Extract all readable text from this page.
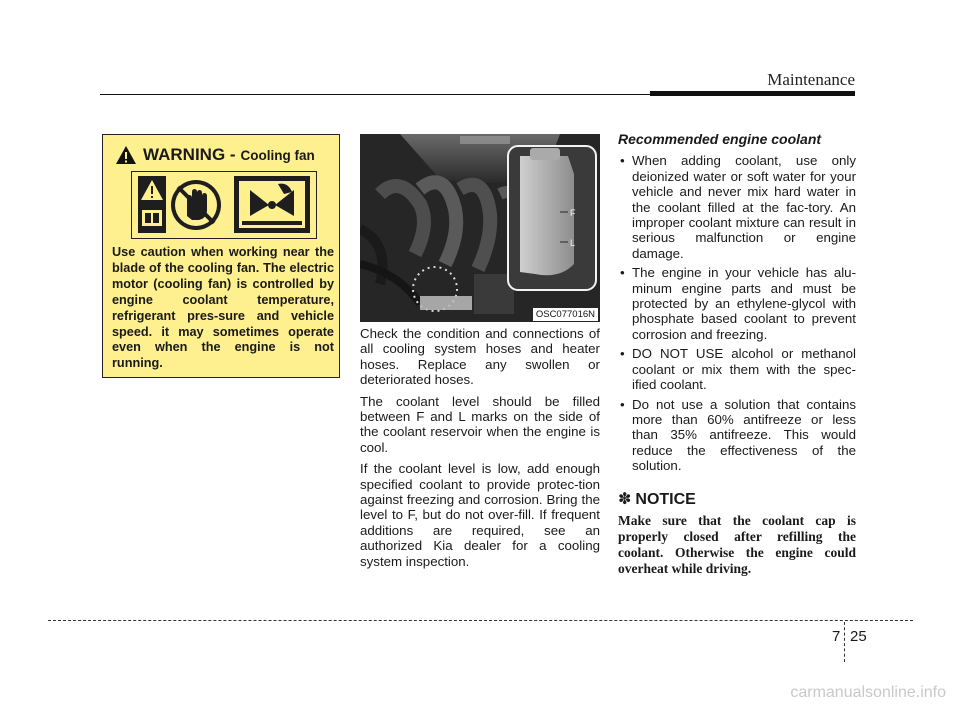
Maintenance
WARNING - Cooling fan
Use caution when working near the blade of the cooling fan. The electric motor (cooling fan) is controlled by engine coolant temperature, refrigerant pres-sure and vehicle speed. it may sometimes operate even when the engine is not running.
F
L
OSC077016N

Check the condition and connections of all cooling system hoses and heater hoses. Replace any swollen or deteriorated hoses.

The coolant level should be filled between F and L marks on the side of the coolant reservoir when the engine is cool.

If the coolant level is low, add enough specified coolant to provide protec-tion against freezing and corrosion. Bring the level to F, but do not over-fill. If frequent additions are required, see an authorized Kia dealer for a cooling system inspection.

Recommended engine coolant
• When adding coolant, use only deionized water or soft water for your vehicle and never mix hard water in the coolant filled at the fac-tory. An improper coolant mixture can result in serious malfunction or engine damage.
• The engine in your vehicle has alu-minum engine parts and must be protected by an ethylene-glycol with phosphate based coolant to prevent corrosion and freezing.
• DO NOT USE alcohol or methanol coolant or mix them with the spec-ified coolant.
• Do not use a solution that contains more than 60% antifreeze or less than 35% antifreeze. This would reduce the effectiveness of the solution.
✽ NOTICE

Make sure that the coolant cap is properly closed after refilling the coolant. Otherwise the engine could overheat while driving.

7 25
carmanualsonline.info
